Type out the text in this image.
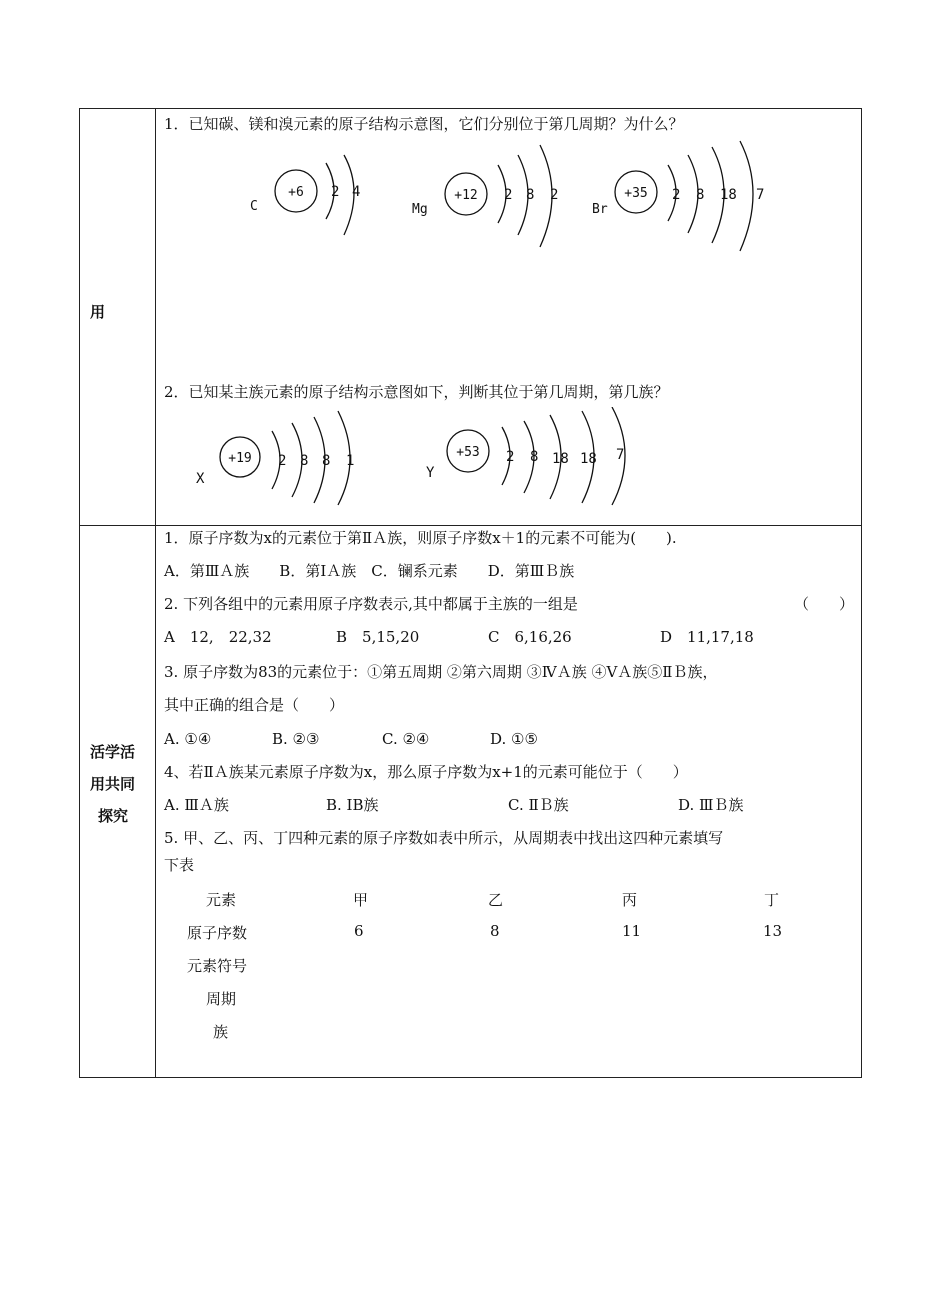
用
1．已知碳、镁和溴元素的原子结构示意图，它们分别位于第几周期？为什么？
C
+6 2 4
Mg
+12 2 8 2
Br
+35 2 8 18 7
2．已知某主族元素的原子结构示意图如下，判断其位于第几周期，第几族？
X
+19 2 8 8 1
Y
+53 2 8 18 18 7
活学活
用共同
探究
1．原子序数为x的元素位于第ⅡＡ族，则原子序数x＋1的元素不可能为(　　).
A．第ⅢＡ族　　B．第ⅠＡ族　C．镧系元素　　D．第ⅢＢ族
2. 下列各组中的元素用原子序数表示,其中都属于主族的一组是	（　　）
A　12,　22,32	B　5,15,20	C　6,16,26	D　11,17,18
3. 原子序数为83的元素位于：①第五周期 ②第六周期 ③ⅣＡ族 ④ⅤＡ族⑤ⅡＢ族，
其中正确的组合是（　　）
A. ①④	B. ②③	C. ②④	D. ①⑤
4、若ⅡＡ族某元素原子序数为x，那么原子序数为x+1的元素可能位于（　　）
A. ⅢＡ族	B. ⅠB族	C. ⅡＢ族	D. ⅢＢ族
5. 甲、乙、丙、丁四种元素的原子序数如表中所示，从周期表中找出这四种元素填写
下表
元素	甲	乙	丙	丁
原子序数	6	8	11	13
元素符号
周期
族
